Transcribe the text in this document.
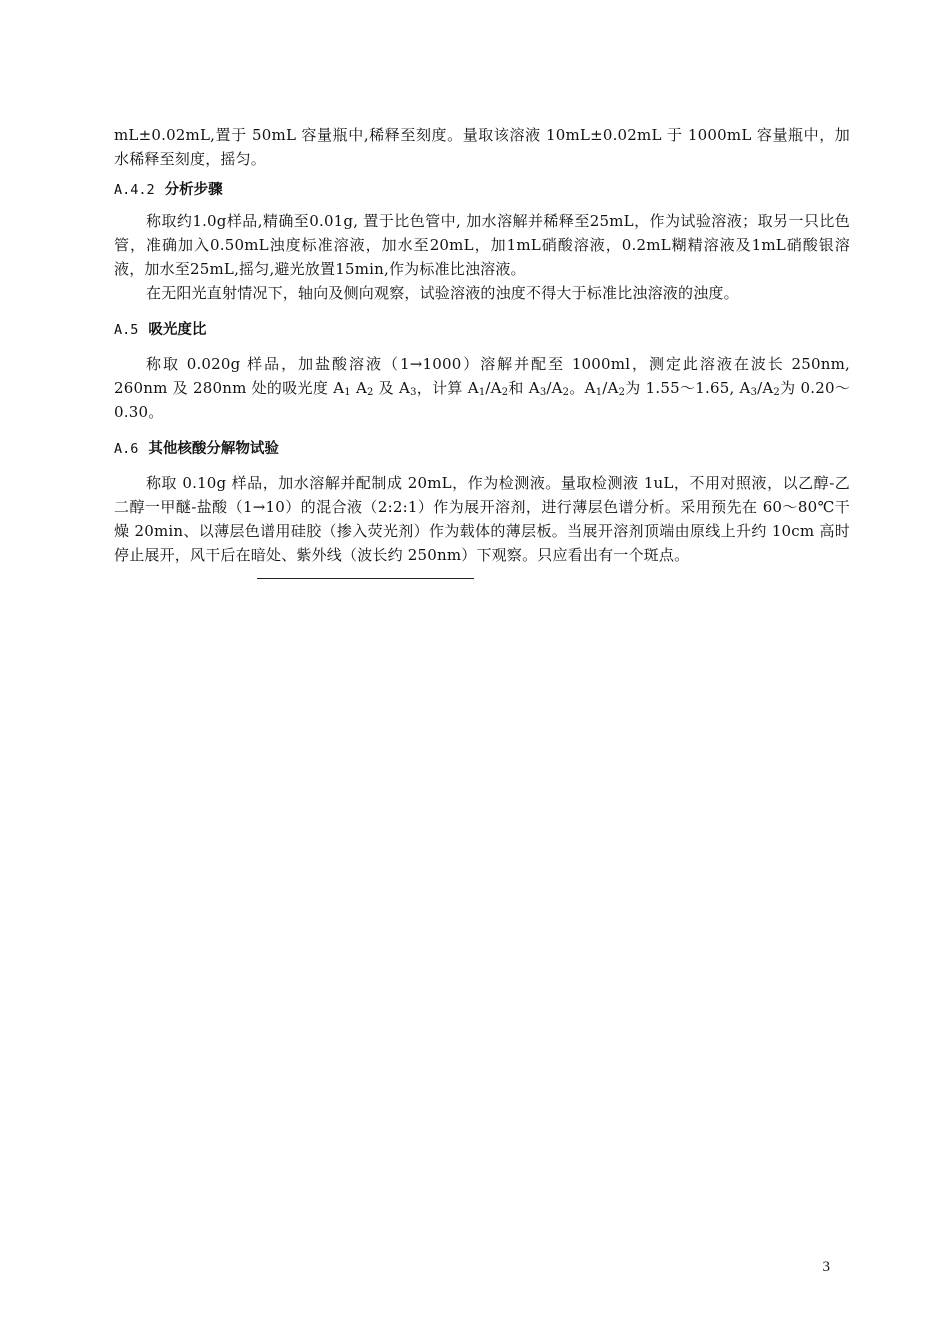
mL±0.02mL,置于 50mL 容量瓶中,稀释至刻度。量取该溶液 10mL±0.02mL 于 1000mL 容量瓶中，加水稀释至刻度，摇匀。

A.4.2 分析步骤

称取约1.0g样品,精确至0.01g, 置于比色管中, 加水溶解并稀释至25mL，作为试验溶液；取另一只比色管，准确加入0.50mL浊度标准溶液，加水至20mL，加1mL硝酸溶液，0.2mL糊精溶液及1mL硝酸银溶液，加水至25mL,摇匀,避光放置15min,作为标准比浊溶液。

在无阳光直射情况下，轴向及侧向观察，试验溶液的浊度不得大于标准比浊溶液的浊度。

A.5 吸光度比

称取 0.020g 样品，加盐酸溶液（1→1000）溶解并配至 1000ml，测定此溶液在波长 250nm, 260nm 及 280nm 处的吸光度 $A_1$ $A_2$ 及 $A_3$，计算 $A_1/A_2$和 $A_3/A_2$。$A_1/A_2$为 1.55～1.65, $A_3/A_2$为 0.20～0.30。

A.6 其他核酸分解物试验

称取 0.10g 样品，加水溶解并配制成 20mL，作为检测液。量取检测液 1uL，不用对照液，以乙醇-乙二醇一甲醚-盐酸（1→10）的混合液（2:2:1）作为展开溶剂，进行薄层色谱分析。采用预先在 60～80℃干燥 20min、以薄层色谱用硅胶（掺入荧光剂）作为载体的薄层板。当展开溶剂顶端由原线上升约 10cm 高时停止展开，风干后在暗处、紫外线（波长约 250nm）下观察。只应看出有一个斑点。

3
